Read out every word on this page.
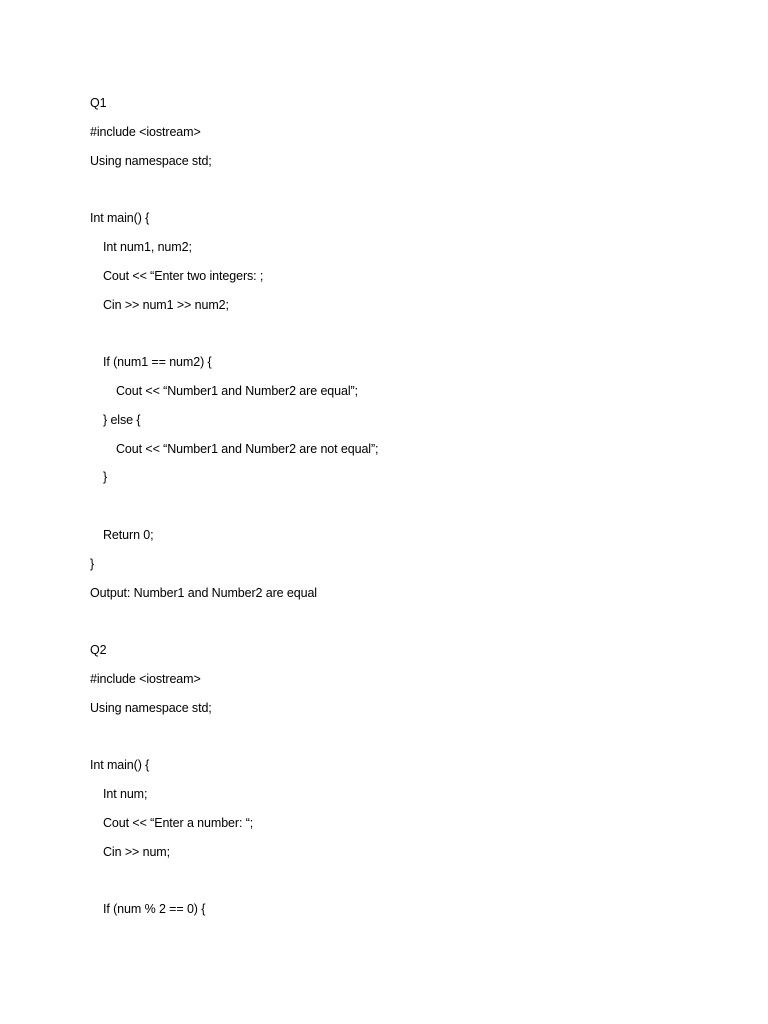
Q1
#include <iostream>
Using namespace std;
Int main() {
Int num1, num2;
Cout << “Enter two integers: ;
Cin >> num1 >> num2;
If (num1 == num2) {
Cout << “Number1 and Number2 are equal”;
} else {
Cout << “Number1 and Number2 are not equal”;
}
Return 0;
}
Output: Number1 and Number2 are equal
Q2
#include <iostream>
Using namespace std;
Int main() {
Int num;
Cout << “Enter a number: “;
Cin >> num;
If (num % 2 == 0) {
